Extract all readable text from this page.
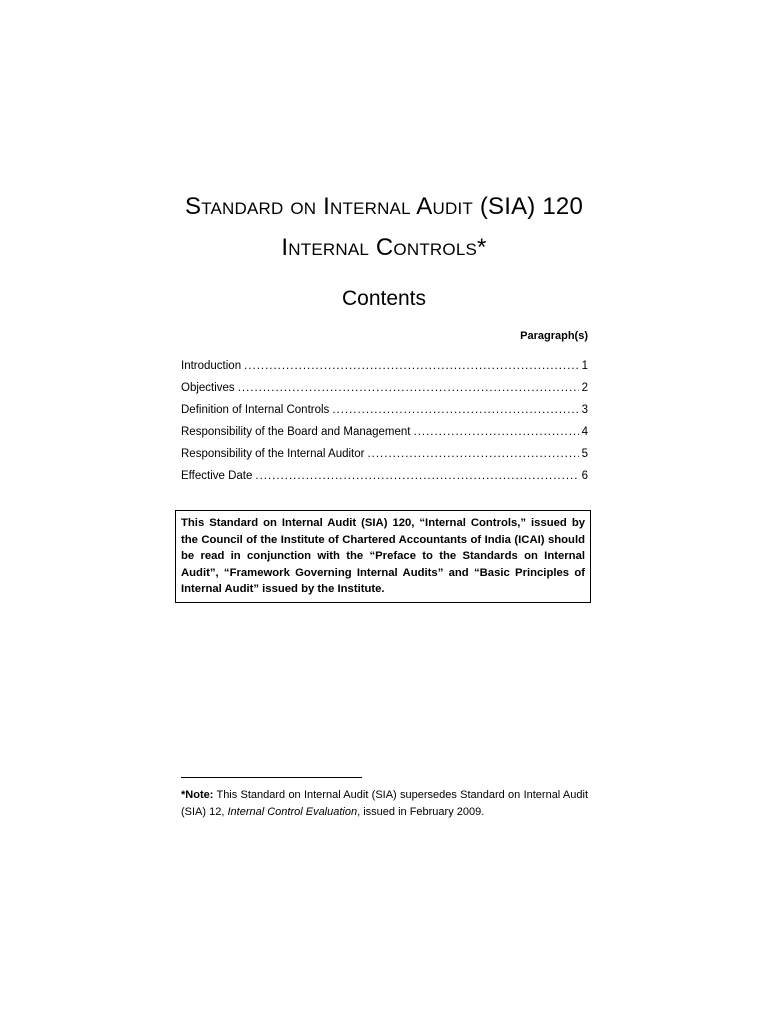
Standard on Internal Audit (SIA) 120
Internal Controls*
Contents
Paragraph(s)
Introduction .....	1
Objectives .....	2
Definition of Internal Controls .....	3
Responsibility of the Board and Management .....	4
Responsibility of the Internal Auditor .....	5
Effective Date .....	6
This Standard on Internal Audit (SIA) 120, “Internal Controls,” issued by the Council of the Institute of Chartered Accountants of India (ICAI) should be read in conjunction with the “Preface to the Standards on Internal Audit”, “Framework Governing Internal Audits” and “Basic Principles of Internal Audit” issued by the Institute.
*Note: This Standard on Internal Audit (SIA) supersedes Standard on Internal Audit (SIA) 12, Internal Control Evaluation, issued in February 2009.
